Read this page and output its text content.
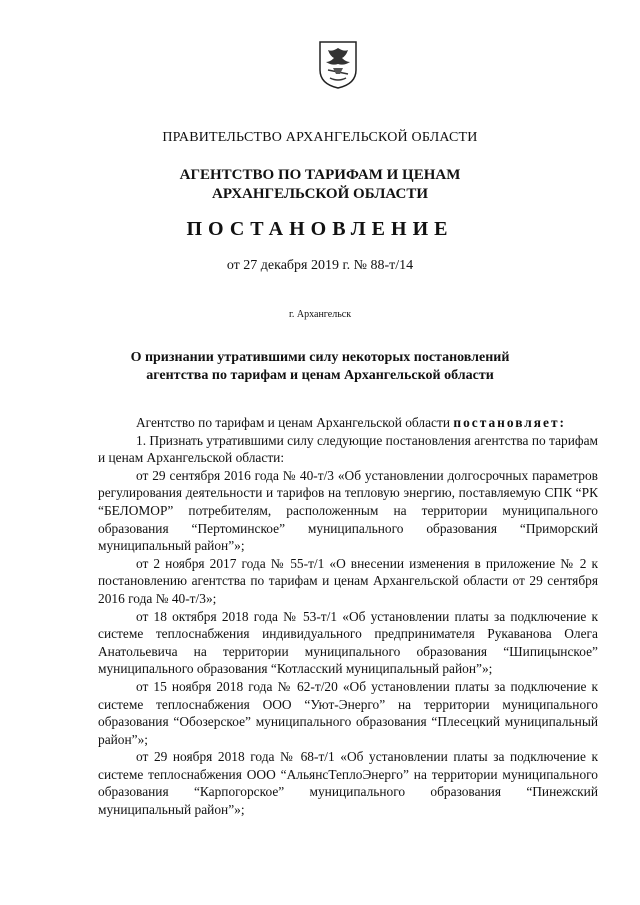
ПРАВИТЕЛЬСТВО АРХАНГЕЛЬСКОЙ ОБЛАСТИ
АГЕНТСТВО ПО ТАРИФАМ И ЦЕНАМ
АРХАНГЕЛЬСКОЙ ОБЛАСТИ
ПОСТАНОВЛЕНИЕ
от 27 декабря 2019 г. № 88-т/14
г. Архангельск
О признании утратившими силу некоторых постановлений
агентства по тарифам и ценам Архангельской области

Агентство по тарифам и ценам Архангельской области постановляет:

1. Признать утратившими силу следующие постановления агентства по тарифам и ценам Архангельской области:

от 29 сентября 2016 года № 40-т/3 «Об установлении долгосрочных параметров регулирования деятельности и тарифов на тепловую энергию, поставляемую СПК “РК “БЕЛОМОР” потребителям, расположенным на территории муниципального образования “Пертоминское” муниципального образования “Приморский муниципальный район”»;

от 2 ноября 2017 года № 55-т/1 «О внесении изменения в приложение № 2 к постановлению агентства по тарифам и ценам Архангельской области от 29 сентября 2016 года № 40-т/3»;

от 18 октября 2018 года № 53-т/1 «Об установлении платы за подключение к системе теплоснабжения индивидуального предпринимателя Рукаванова Олега Анатольевича на территории муниципального образования “Шипицынское” муниципального образования “Котласский муниципальный район”»;

от 15 ноября 2018 года № 62-т/20 «Об установлении платы за подключение к системе теплоснабжения ООО “Уют-Энерго” на территории муниципального образования “Обозерское” муниципального образования “Плесецкий муниципальный район”»;

от 29 ноября 2018 года № 68-т/1 «Об установлении платы за подключение к системе теплоснабжения ООО “АльянсТеплоЭнерго” на территории муниципального образования “Карпогорское” муниципального образования “Пинежский муниципальный район”»;
